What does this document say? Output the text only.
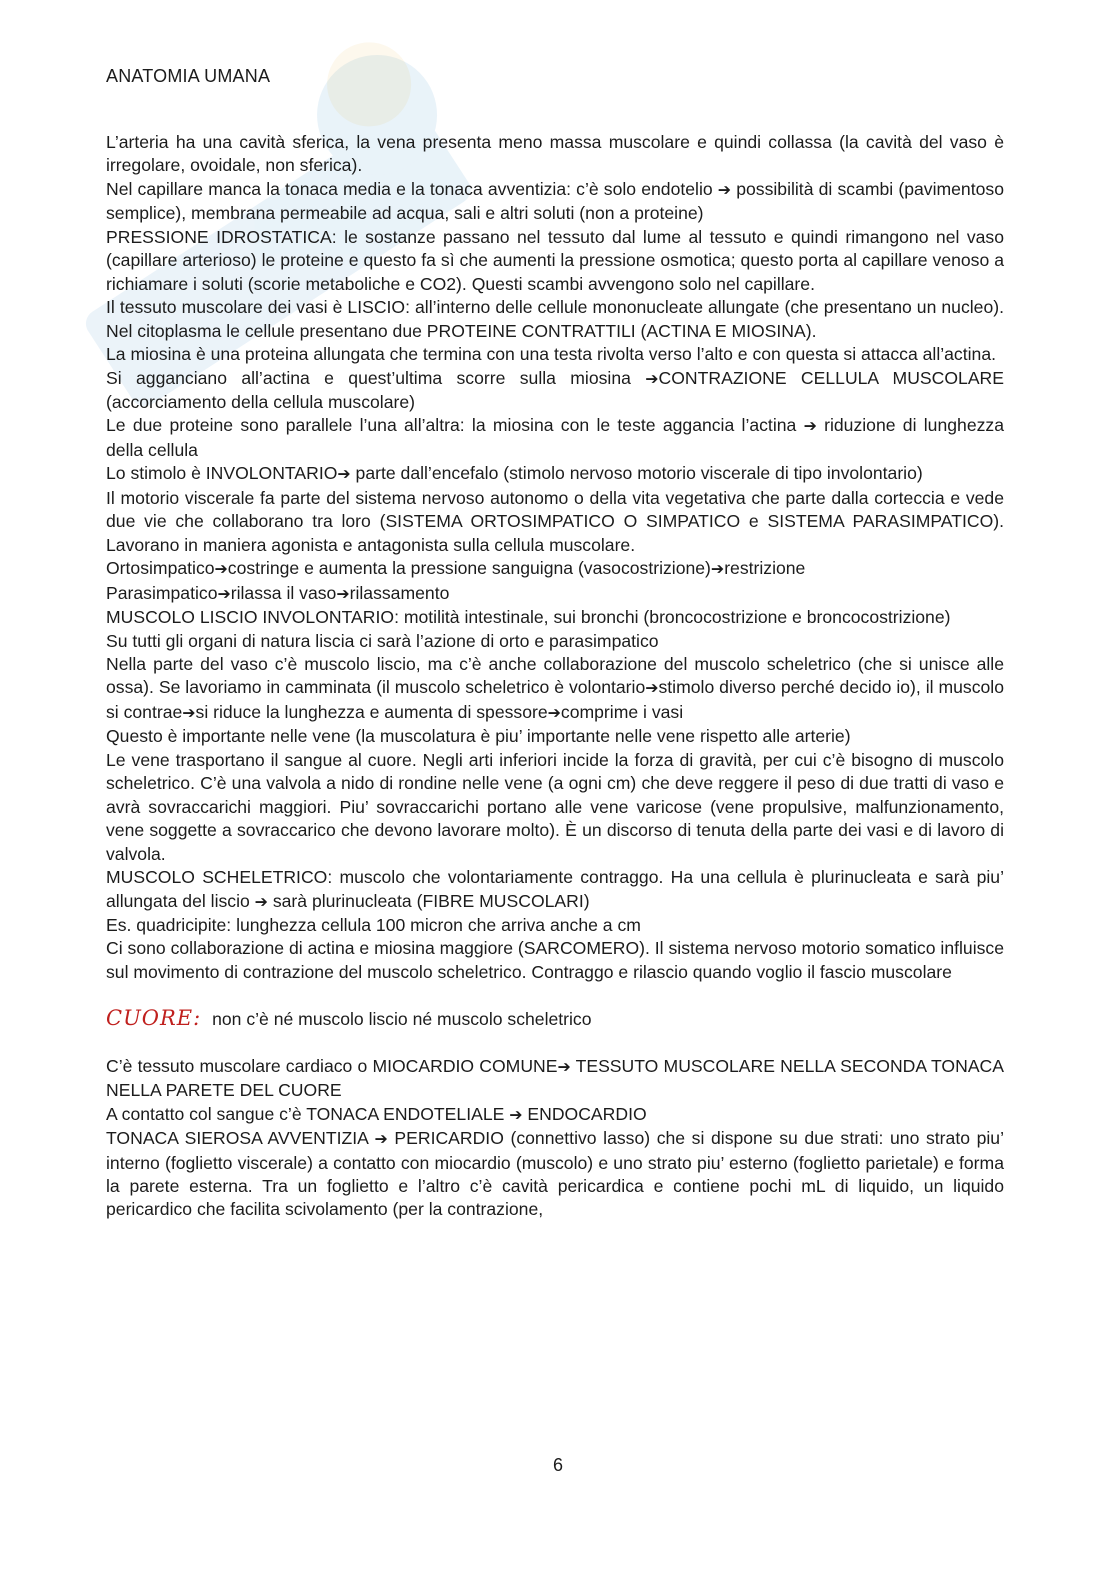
ANATOMIA UMANA

L’arteria ha una cavità sferica, la vena presenta meno massa muscolare e quindi collassa (la cavità del vaso è irregolare, ovoidale, non sferica).

Nel capillare manca la tonaca media e la tonaca avventizia: c’è solo endotelio ➔ possibilità di scambi (pavimentoso semplice), membrana permeabile ad acqua, sali e altri soluti (non a proteine)

PRESSIONE IDROSTATICA: le sostanze passano nel tessuto dal lume al tessuto e quindi rimangono nel vaso (capillare arterioso) le proteine e questo fa sì che aumenti la pressione osmotica; questo porta al capillare venoso a richiamare i soluti (scorie metaboliche e CO2). Questi scambi avvengono solo nel capillare.

Il tessuto muscolare dei vasi è LISCIO: all’interno delle cellule mononucleate allungate (che presentano un nucleo). Nel citoplasma le cellule presentano due PROTEINE CONTRATTILI (ACTINA E MIOSINA).

La miosina è una proteina allungata che termina con una testa rivolta verso l’alto e con questa si attacca all’actina.

Si agganciano all’actina e quest’ultima scorre sulla miosina ➔CONTRAZIONE CELLULA MUSCOLARE (accorciamento della cellula muscolare)

Le due proteine sono parallele l’una all’altra: la miosina con le teste aggancia l’actina ➔ riduzione di lunghezza della cellula

Lo stimolo è INVOLONTARIO➔ parte dall’encefalo (stimolo nervoso motorio viscerale di tipo involontario)

Il motorio viscerale fa parte del sistema nervoso autonomo o della vita vegetativa che parte dalla corteccia e vede due vie che collaborano tra loro (SISTEMA ORTOSIMPATICO O SIMPATICO e SISTEMA PARASIMPATICO). Lavorano in maniera agonista e antagonista sulla cellula muscolare.

Ortosimpatico➔costringe e aumenta la pressione sanguigna (vasocostrizione)➔restrizione

Parasimpatico➔rilassa il vaso➔rilassamento

MUSCOLO LISCIO INVOLONTARIO: motilità intestinale, sui bronchi (broncocostrizione e broncocostrizione)

Su tutti gli organi di natura liscia ci sarà l’azione di orto e parasimpatico

Nella parte del vaso c’è muscolo liscio, ma c’è anche collaborazione del muscolo scheletrico (che si unisce alle ossa). Se lavoriamo in camminata (il muscolo scheletrico è volontario➔stimolo diverso perché decido io), il muscolo si contrae➔si riduce la lunghezza e aumenta di spessore➔comprime i vasi

Questo è importante nelle vene (la muscolatura è piu’ importante nelle vene rispetto alle arterie)

Le vene trasportano il sangue al cuore. Negli arti inferiori incide la forza di gravità, per cui c’è bisogno di muscolo scheletrico. C’è una valvola a nido di rondine nelle vene (a ogni cm) che deve reggere il peso di due tratti di vaso e avrà sovraccarichi maggiori. Piu’ sovraccarichi portano alle vene varicose (vene propulsive, malfunzionamento, vene soggette a sovraccarico che devono lavorare molto). È un discorso di tenuta della parte dei vasi e di lavoro di valvola.

MUSCOLO SCHELETRICO: muscolo che volontariamente contraggo. Ha una cellula è plurinucleata e sarà piu’ allungata del liscio ➔ sarà plurinucleata (FIBRE MUSCOLARI)

Es. quadricipite: lunghezza cellula 100 micron che arriva anche a cm

Ci sono collaborazione di actina e miosina maggiore (SARCOMERO). Il sistema nervoso motorio somatico influisce sul movimento di contrazione del muscolo scheletrico. Contraggo e rilascio quando voglio il fascio muscolare

CUORE: non c’è né muscolo liscio né muscolo scheletrico

C’è tessuto muscolare cardiaco o MIOCARDIO COMUNE➔ TESSUTO MUSCOLARE NELLA SECONDA TONACA NELLA PARETE DEL CUORE

A contatto col sangue c’è TONACA ENDOTELIALE ➔ ENDOCARDIO

TONACA SIEROSA AVVENTIZIA ➔ PERICARDIO (connettivo lasso) che si dispone su due strati: uno strato piu’ interno (foglietto viscerale) a contatto con miocardio (muscolo) e uno strato piu’ esterno (foglietto parietale) e forma la parete esterna. Tra un foglietto e l’altro c’è cavità pericardica e contiene pochi mL di liquido, un liquido pericardico che facilita scivolamento (per la contrazione,

6
